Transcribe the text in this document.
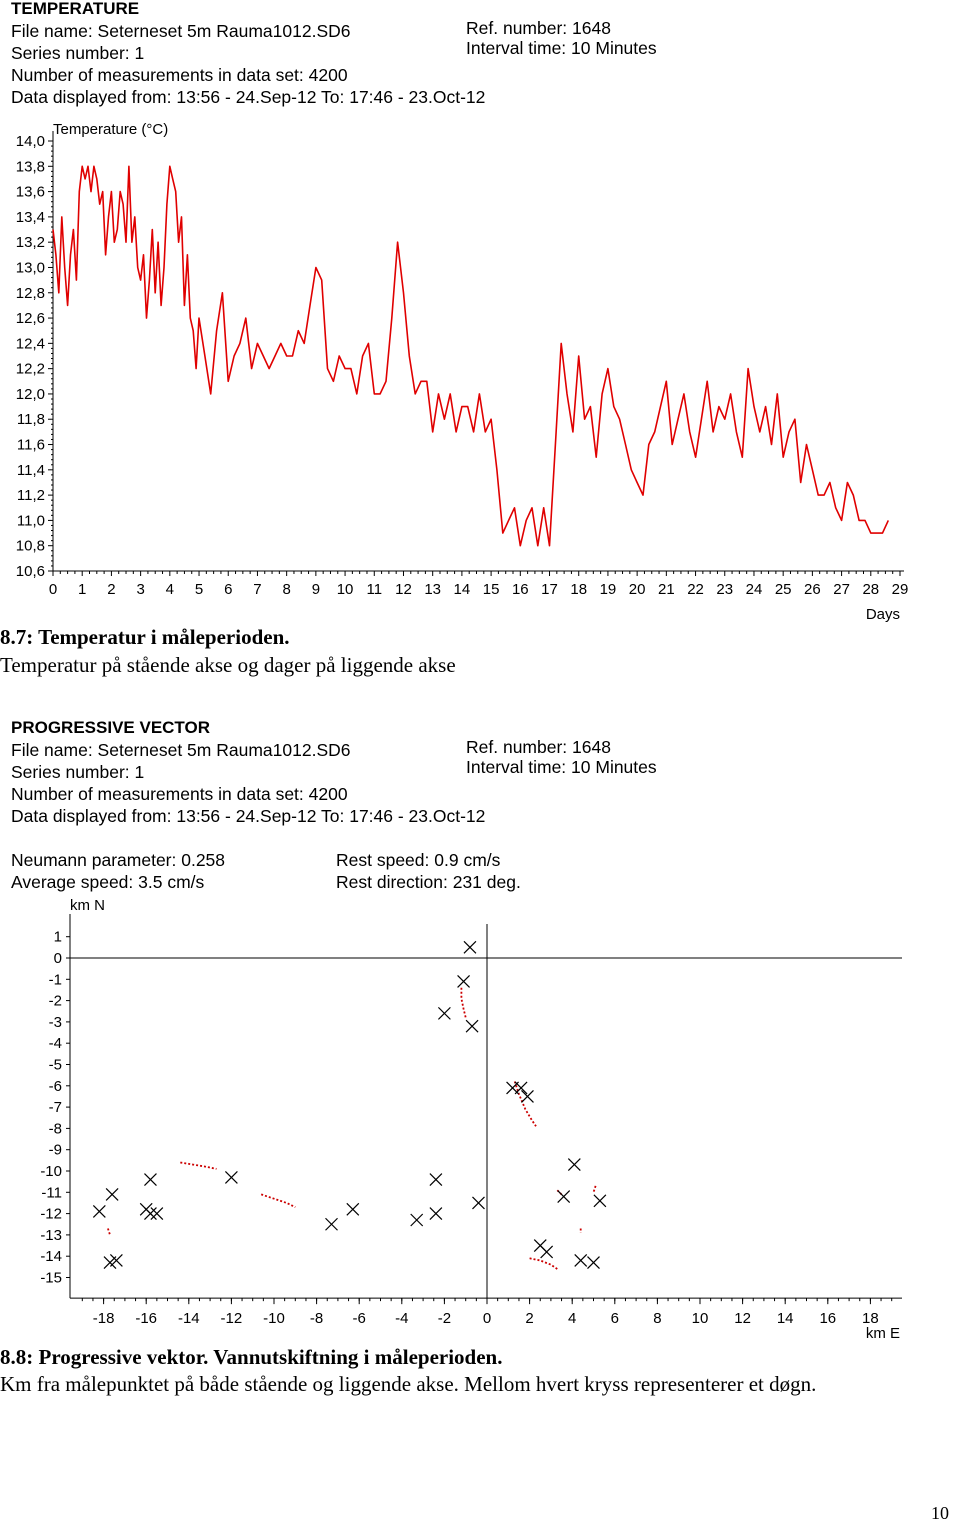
TEMPERATURE
File name: Seterneset 5m Rauma1012.SD6
Series number: 1
Number of measurements in data set: 4200
Data displayed from: 13:56 - 24.Sep-12 To: 17:46 - 23.Oct-12
Ref. number: 1648
Interval time: 10 Minutes
Temperature (°C)
Days
14,0
13,8
13,6
13,4
13,2
13,0
12,8
12,6
12,4
12,2
12,0
11,8
11,6
11,4
11,2
11,0
10,8
10,6
0 1 2 3 4 5 6 7 8 9 10 11 12 13 14 15 16 17 18 19 20 21 22 23 24 25 26 27 28 29
8.7: Temperatur i måleperioden.
Temperatur på stående akse og dager på liggende akse
PROGRESSIVE VECTOR
File name: Seterneset 5m Rauma1012.SD6
Series number: 1
Number of measurements in data set: 4200
Data displayed from: 13:56 - 24.Sep-12 To: 17:46 - 23.Oct-12
Ref. number: 1648
Interval time: 10 Minutes
Neumann parameter: 0.258
Average speed: 3.5 cm/s
Rest speed: 0.9 cm/s
Rest direction: 231 deg.
km N
km E
1
0
-1
-2
-3
-4
-5
-6
-7
-8
-9
-10
-11
-12
-13
-14
-15
-18 -16 -14 -12 -10 -8 -6 -4 -2 0 2 4 6 8 10 12 14 16 18
8.8: Progressive vektor. Vannutskiftning i måleperioden.
Km fra målepunktet på både stående og liggende akse. Mellom hvert kryss representerer et døgn.
10
